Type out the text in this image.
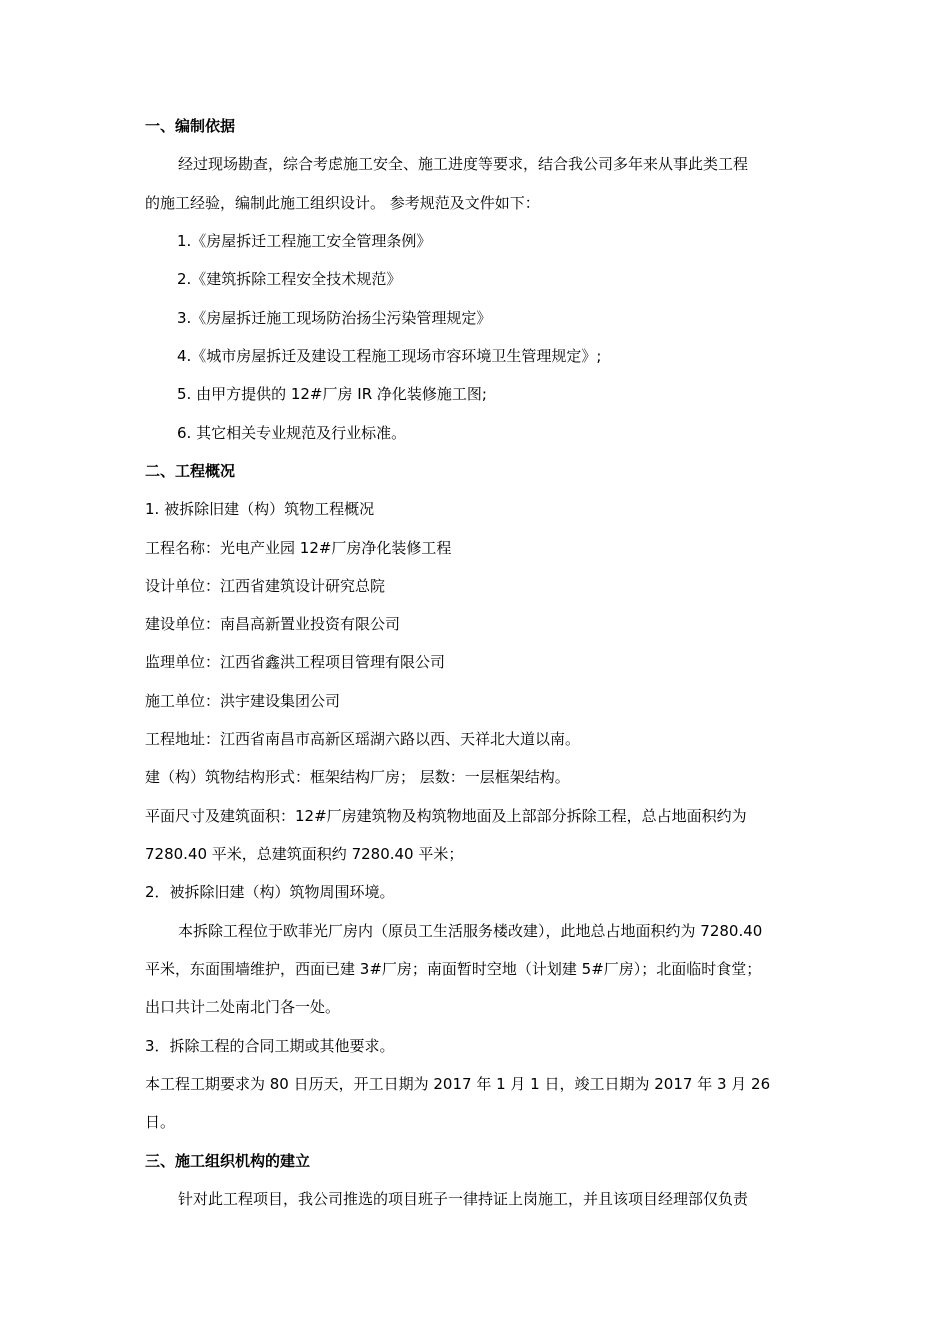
一、编制依据
经过现场勘查，综合考虑施工安全、施工进度等要求，结合我公司多年来从事此类工程
的施工经验，编制此施工组织设计。 参考规范及文件如下：
1.《房屋拆迁工程施工安全管理条例》
2.《建筑拆除工程安全技术规范》
3.《房屋拆迁施工现场防治扬尘污染管理规定》
4.《城市房屋拆迁及建设工程施工现场市容环境卫生管理规定》;
5. 由甲方提供的 12#厂房 IR 净化装修施工图;
6. 其它相关专业规范及行业标准。
二、工程概况
1. 被拆除旧建（构）筑物工程概况
工程名称：光电产业园 12#厂房净化装修工程
设计单位：江西省建筑设计研究总院
建设单位：南昌高新置业投资有限公司
监理单位：江西省鑫洪工程项目管理有限公司
施工单位：洪宇建设集团公司
工程地址：江西省南昌市高新区瑶湖六路以西、天祥北大道以南。
建（构）筑物结构形式：框架结构厂房； 层数：一层框架结构。
平面尺寸及建筑面积：12#厂房建筑物及构筑物地面及上部部分拆除工程，总占地面积约为
7280.40 平米，总建筑面积约 7280.40 平米；
2．被拆除旧建（构）筑物周围环境。
本拆除工程位于欧菲光厂房内（原员工生活服务楼改建），此地总占地面积约为 7280.40
平米，东面围墙维护，西面已建 3#厂房；南面暂时空地（计划建 5#厂房）；北面临时食堂；
出口共计二处南北门各一处。
3．拆除工程的合同工期或其他要求。
本工程工期要求为 80 日历天，开工日期为 2017 年 1 月 1 日，竣工日期为 2017 年 3 月 26
日。
三、施工组织机构的建立
针对此工程项目，我公司推选的项目班子一律持证上岗施工，并且该项目经理部仅负责
